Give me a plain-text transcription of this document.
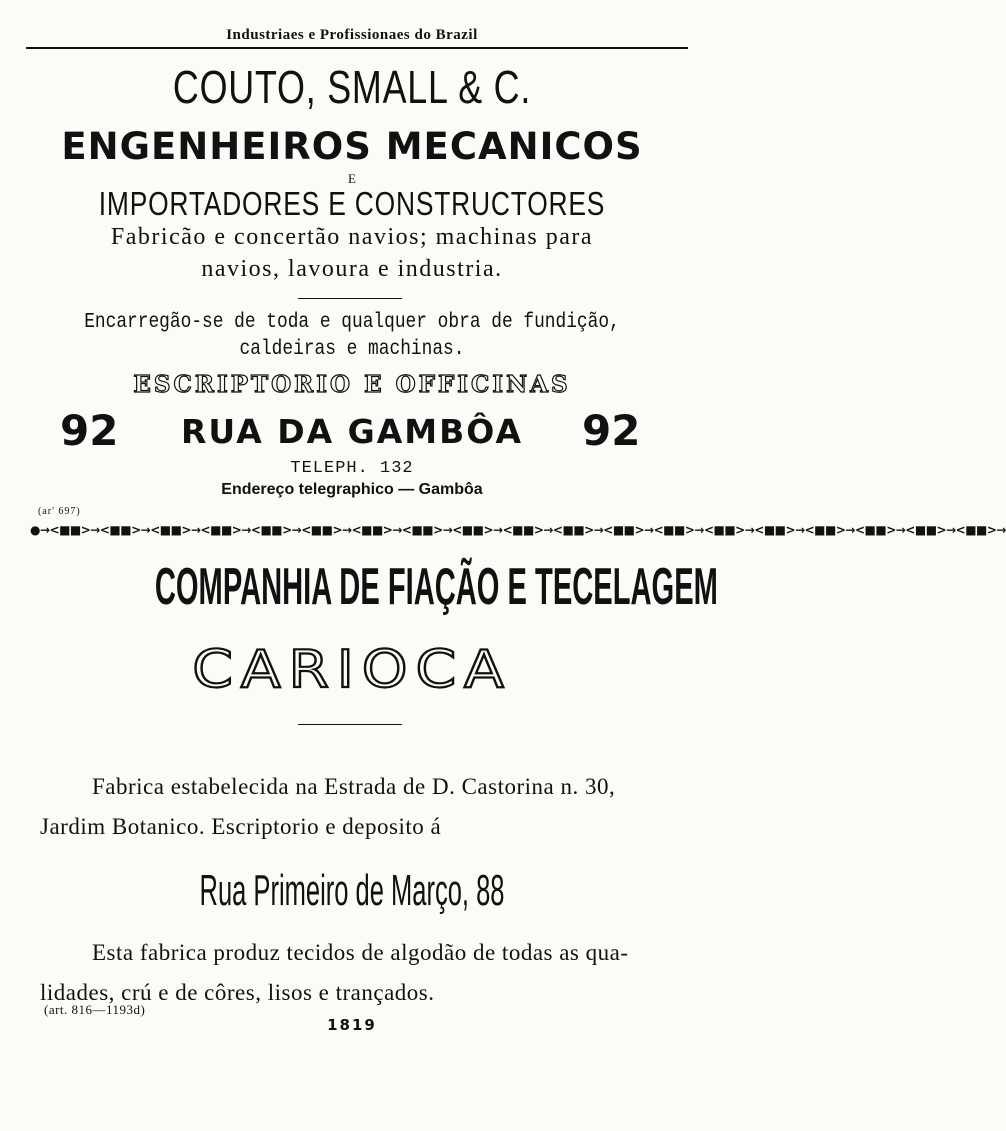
Industriaes e Profissionaes do Brazil
COUTO, SMALL & C.
ENGENHEIROS MECANICOS
E
IMPORTADORES E CONSTRUCTORES
Fabricão e concertão navios; machinas para
navios, lavoura e industria.
Encarregão-se de toda e qualquer obra de fundição,
caldeiras e machinas.
ESCRIPTORIO E OFFICINAS
92	RUA DA GAMBÔA	92
TELEPH. 132
Endereço telegraphico — Gambôa
(ar' 697)
●→<■■>→<■■>→<■■>→<■■>→<■■>→<■■>→<■■>→<■■>→<■■>→<■■>→<■■>→<■■>→<■■>→<■■>→<■■>→<■■>→<■■>→<■■>→<■■>→
COMPANHIA DE FIAÇÃO E TECELAGEM
CARIOCA
Fabrica estabelecida na Estrada de D. Castorina n. 30,
Jardim Botanico. Escriptorio e deposito á
Rua Primeiro de Março, 88
Esta fabrica produz tecidos de algodão de todas as qua-
lidades, crú e de côres, lisos e trançados.
(art. 816—1193d)
1819
